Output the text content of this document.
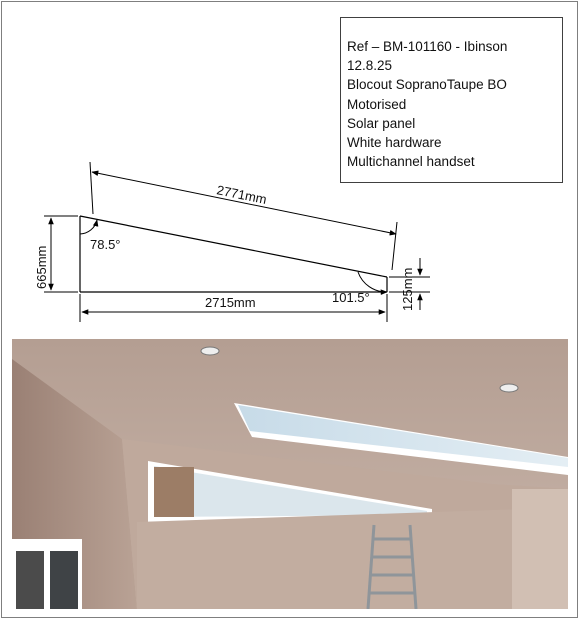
Ref – BM-101160 - Ibinson
12.8.25
Blocout SopranoTaupe BO
Motorised
Solar panel
White hardware
Multichannel handset
2771mm
665mm
2715mm	125mm
78.5°
101.5°
